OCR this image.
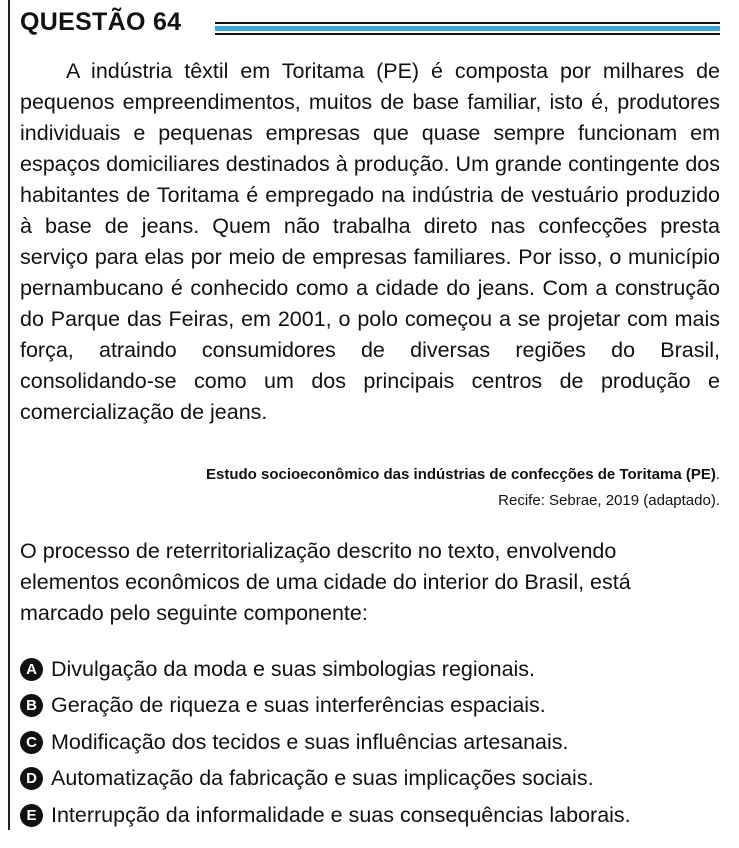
QUESTÃO 64
A indústria têxtil em Toritama (PE) é composta por milhares de pequenos empreendimentos, muitos de base familiar, isto é, produtores individuais e pequenas empresas que quase sempre funcionam em espaços domiciliares destinados à produção. Um grande contingente dos habitantes de Toritama é empregado na indústria de vestuário produzido à base de jeans. Quem não trabalha direto nas confecções presta serviço para elas por meio de empresas familiares. Por isso, o município pernambucano é conhecido como a cidade do jeans. Com a construção do Parque das Feiras, em 2001, o polo começou a se projetar com mais força, atraindo consumidores de diversas regiões do Brasil, consolidando-se como um dos principais centros de produção e comercialização de jeans.
Estudo socioeconômico das indústrias de confecções de Toritama (PE).
Recife: Sebrae, 2019 (adaptado).
O processo de reterritorialização descrito no texto, envolvendo elementos econômicos de uma cidade do interior do Brasil, está marcado pelo seguinte componente:
A Divulgação da moda e suas simbologias regionais.
B Geração de riqueza e suas interferências espaciais.
C Modificação dos tecidos e suas influências artesanais.
D Automatização da fabricação e suas implicações sociais.
E Interrupção da informalidade e suas consequências laborais.
